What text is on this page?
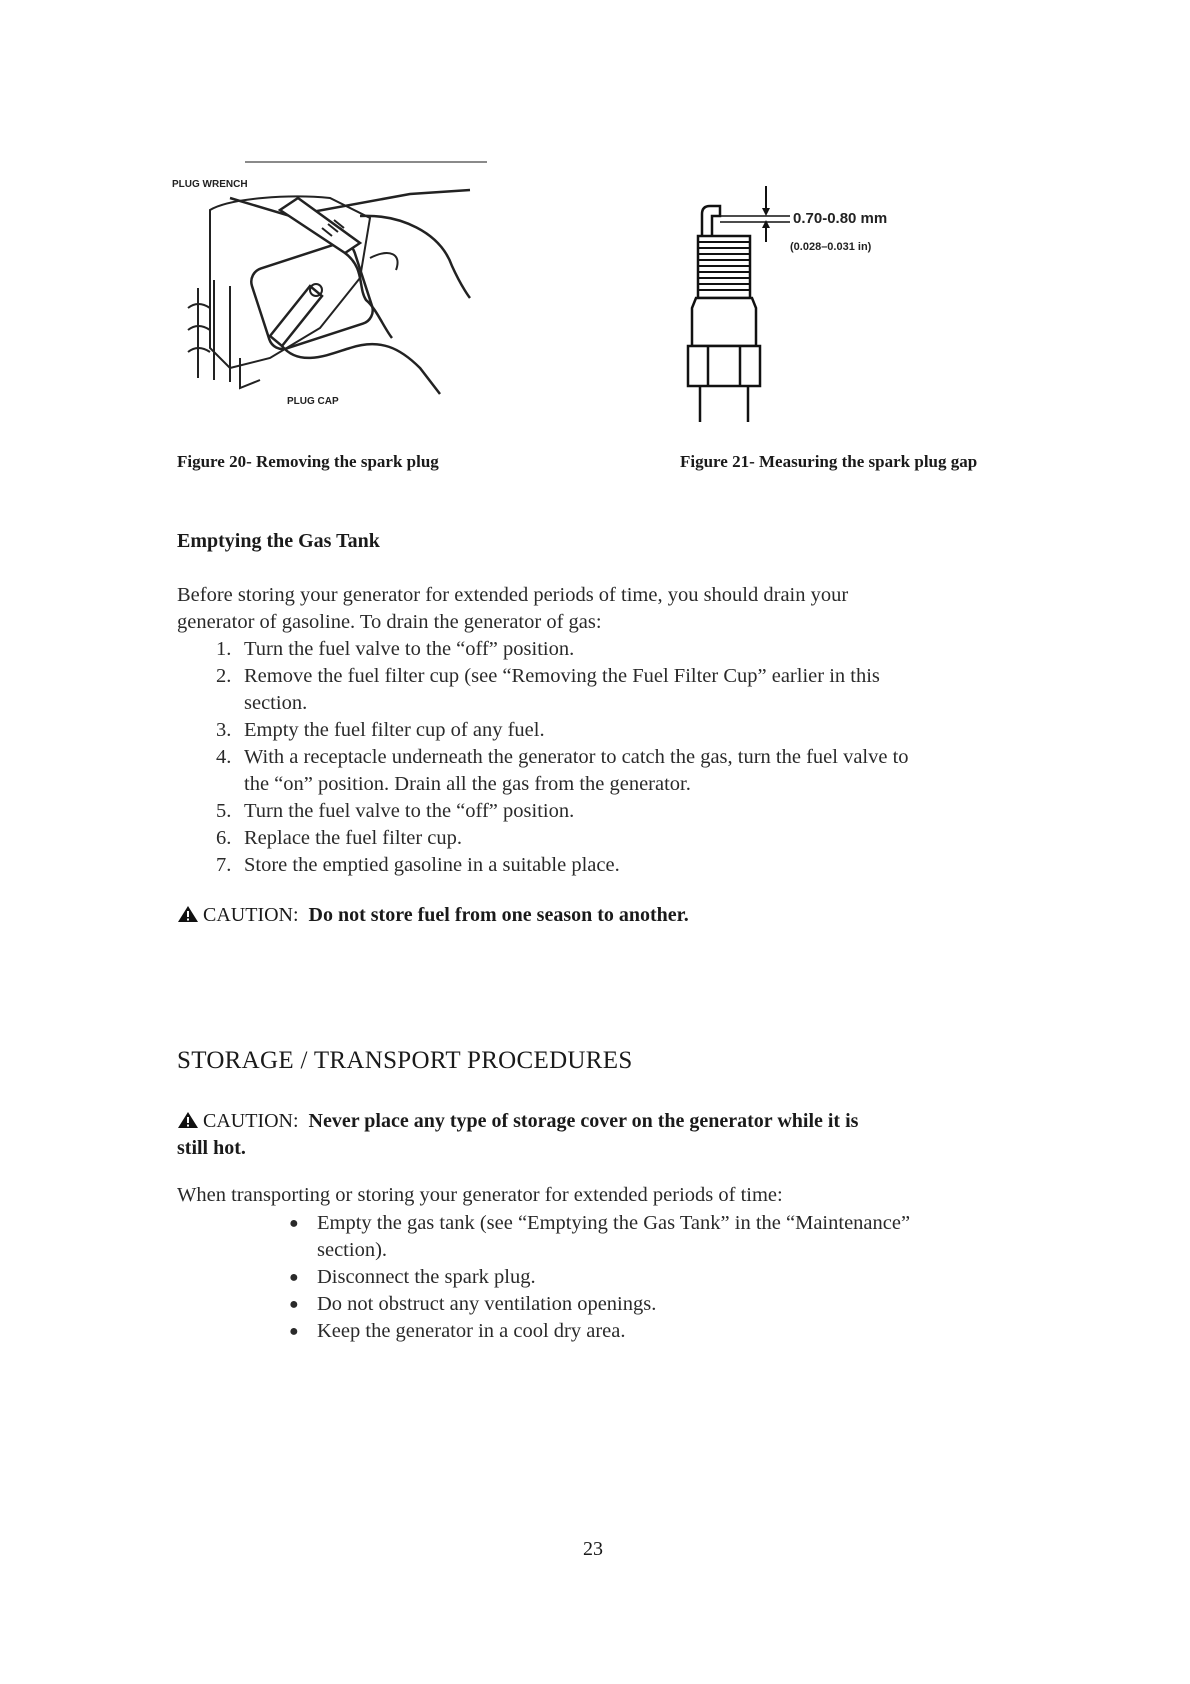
PLUG WRENCH
PLUG CAP
Figure 20- Removing the spark plug
0.70-0.80 mm
(0.028–0.031 in)
Figure 21- Measuring the spark plug gap
Emptying the Gas Tank

Before storing your generator for extended periods of time, you should drain your
generator of gasoline. To drain the generator of gas:

1. Turn the fuel valve to the “off” position.
2. Remove the fuel filter cup (see “Removing the Fuel Filter Cup” earlier in this
section.
3. Empty the fuel filter cup of any fuel.
4. With a receptacle underneath the generator to catch the gas, turn the fuel valve to
the “on” position. Drain all the gas from the generator.
5. Turn the fuel valve to the “off” position.
6. Replace the fuel filter cup.
7. Store the emptied gasoline in a suitable place.

CAUTION: Do not store fuel from one season to another.

STORAGE / TRANSPORT PROCEDURES

CAUTION: Never place any type of storage cover on the generator while it is
still hot.

When transporting or storing your generator for extended periods of time:

● Empty the gas tank (see “Emptying the Gas Tank” in the “Maintenance”
section).
● Disconnect the spark plug.
● Do not obstruct any ventilation openings.
● Keep the generator in a cool dry area.
23
